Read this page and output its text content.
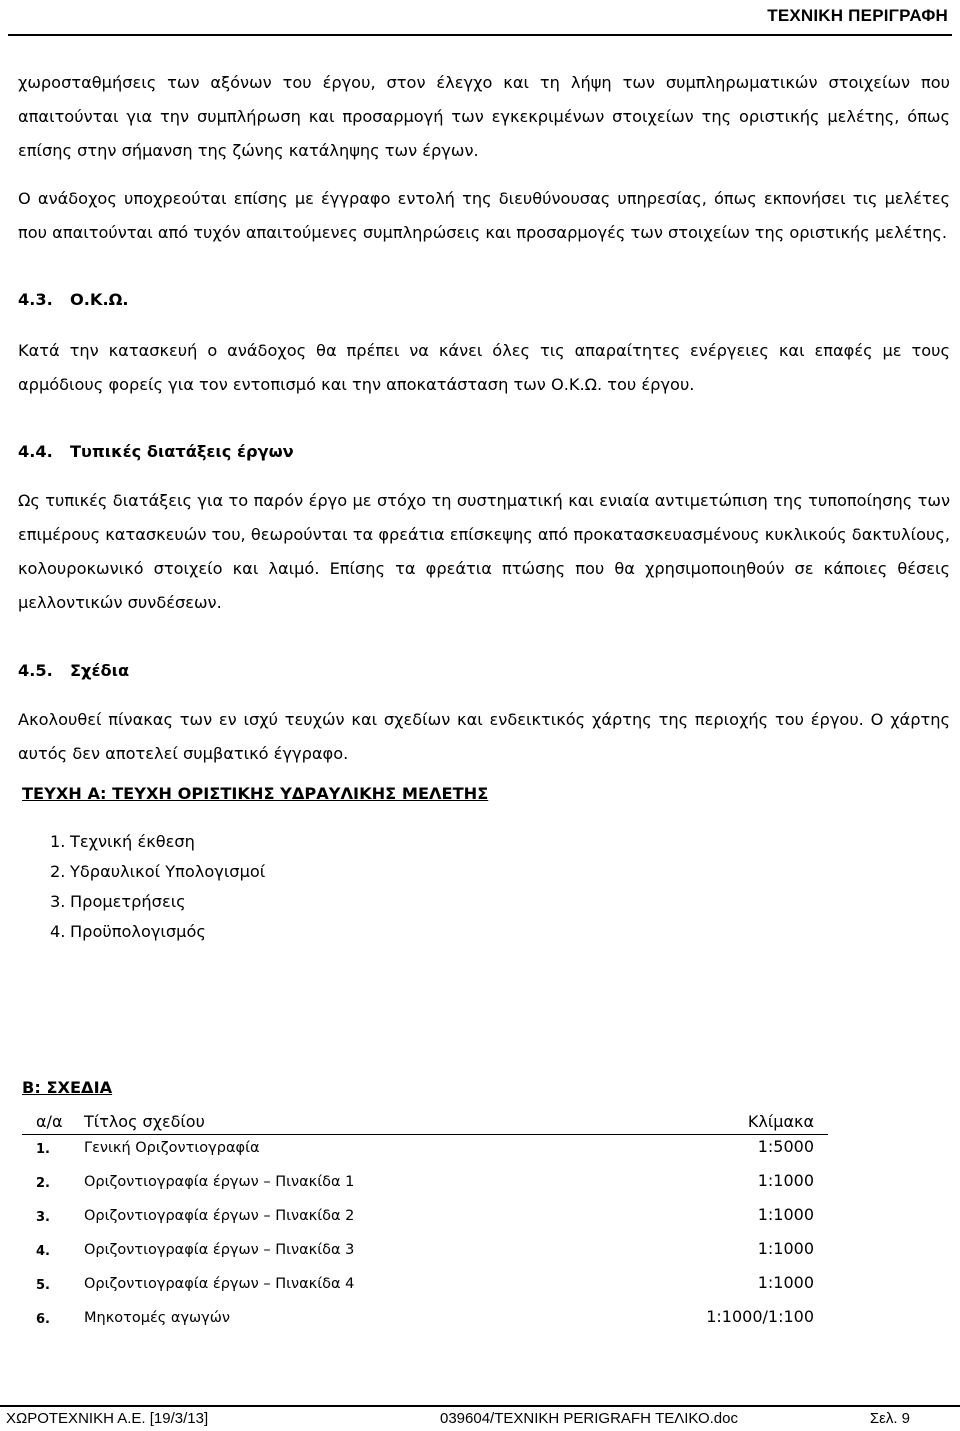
ΤΕΧΝΙΚΗ ΠΕΡΙΓΡΑΦΗ

χωροσταθμήσεις των αξόνων του έργου, στον έλεγχο και τη λήψη των συμπληρωματικών στοιχείων που απαιτούνται για την συμπλήρωση και προσαρμογή των εγκεκριμένων στοιχείων της οριστικής μελέτης, όπως επίσης στην σήμανση της ζώνης κατάληψης των έργων.

Ο ανάδοχος υποχρεούται επίσης με έγγραφο εντολή της διευθύνουσας υπηρεσίας, όπως εκπονήσει τις μελέτες που απαιτούνται από τυχόν απαιτούμενες συμπληρώσεις και προσαρμογές των στοιχείων της οριστικής μελέτης.

4.3. Ο.Κ.Ω.

Κατά την κατασκευή ο ανάδοχος θα πρέπει να κάνει όλες τις απαραίτητες ενέργειες και επαφές με τους αρμόδιους φορείς για τον εντοπισμό και την αποκατάσταση των Ο.Κ.Ω. του έργου.

4.4. Τυπικές διατάξεις έργων

Ως τυπικές διατάξεις για το παρόν έργο με στόχο τη συστηματική και ενιαία αντιμετώπιση της τυποποίησης των επιμέρους κατασκευών του, θεωρούνται τα φρεάτια επίσκεψης από προκατασκευασμένους κυκλικούς δακτυλίους, κολουροκωνικό στοιχείο και λαιμό. Επίσης τα φρεάτια πτώσης που θα χρησιμοποιηθούν σε κάποιες θέσεις μελλοντικών συνδέσεων.

4.5. Σχέδια

Ακολουθεί πίνακας των εν ισχύ τευχών και σχεδίων και ενδεικτικός χάρτης της περιοχής του έργου. Ο χάρτης αυτός δεν αποτελεί συμβατικό έγγραφο.

ΤΕΥΧΗ Α: ΤΕΥΧΗ ΟΡΙΣΤΙΚΗΣ ΥΔΡΑΥΛΙΚΗΣ ΜΕΛΕΤΗΣ
1. Τεχνική έκθεση
2. Υδραυλικοί Υπολογισμοί
3. Προμετρήσεις
4. Προϋπολογισμός
Β: ΣΧΕΔΙΑ
α/α Τίτλος σχεδίου	Κλίμακα
1. Γενική Οριζοντιογραφία	1:5000
2. Οριζοντιογραφία έργων – Πινακίδα 1	1:1000
3. Οριζοντιογραφία έργων – Πινακίδα 2	1:1000
4. Οριζοντιογραφία έργων – Πινακίδα 3	1:1000
5. Οριζοντιογραφία έργων – Πινακίδα 4	1:1000
6. Μηκοτομές αγωγών	1:1000/1:100
ΧΩΡΟΤΕΧΝΙΚΗ Α.Ε. [19/3/13]	039604/ΤΕΧΝΙΚΗ PERIGRAFH ΤΕΛΙΚΟ.doc	Σελ. 9
